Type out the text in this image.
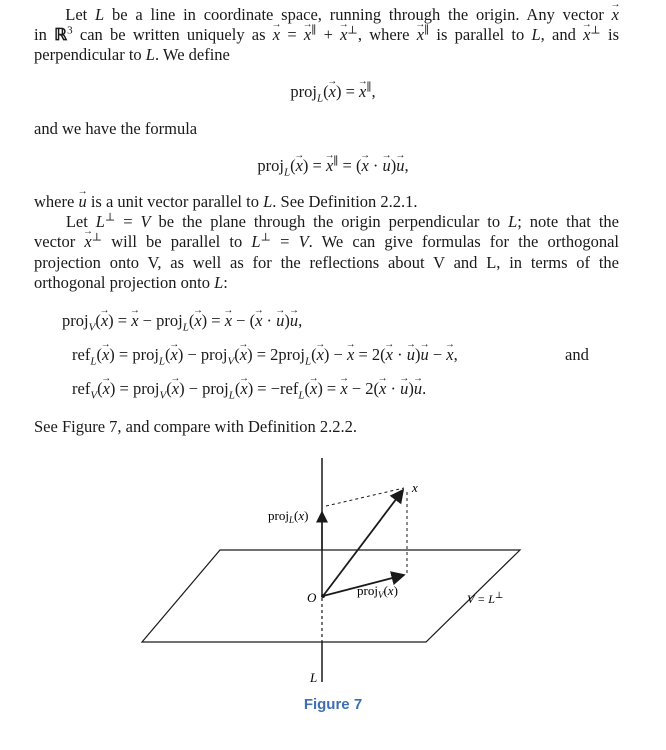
Let L be a line in coordinate space, running through the origin. Any vector → x
in ℝ$^3$ can be written uniquely as → x = → x∥ + → x⊥, where → x∥ is parallel to L, and → x⊥ is
perpendicular to L. We define
proj$_L$(→ x) = → x∥,
and we have the formula
proj$_L$(→ x) = → x∥ = (→ x · → u)→ u,
where → u is a unit vector parallel to L. See Definition 2.2.1.
Let L⊥ = V be the plane through the origin perpendicular to L; note that the
vector → x⊥ will be parallel to L⊥ = V. We can give formulas for the orthogonal
projection onto V, as well as for the reflections about V and L, in terms of the
orthogonal projection onto L:
proj$_V$(→ x) = → x − proj$_L$(→ x) = → x − (→ x · → u)→ u,
ref$_L$(→ x) = proj$_L$(→ x) − proj$_V$(→ x) = 2proj$_L$(→ x) − → x = 2(→ x · → u)→ u − → x,	and
ref$_V$(→ x) = proj$_V$(→ x) − proj$_L$(→ x) = −ref$_L$(→ x) = → x − 2(→ x · → u)→ u.
See Figure 7, and compare with Definition 2.2.2.
proj$_L$(x)
proj$_V$(x)
x
O
L
V = L⊥
Figure 7
